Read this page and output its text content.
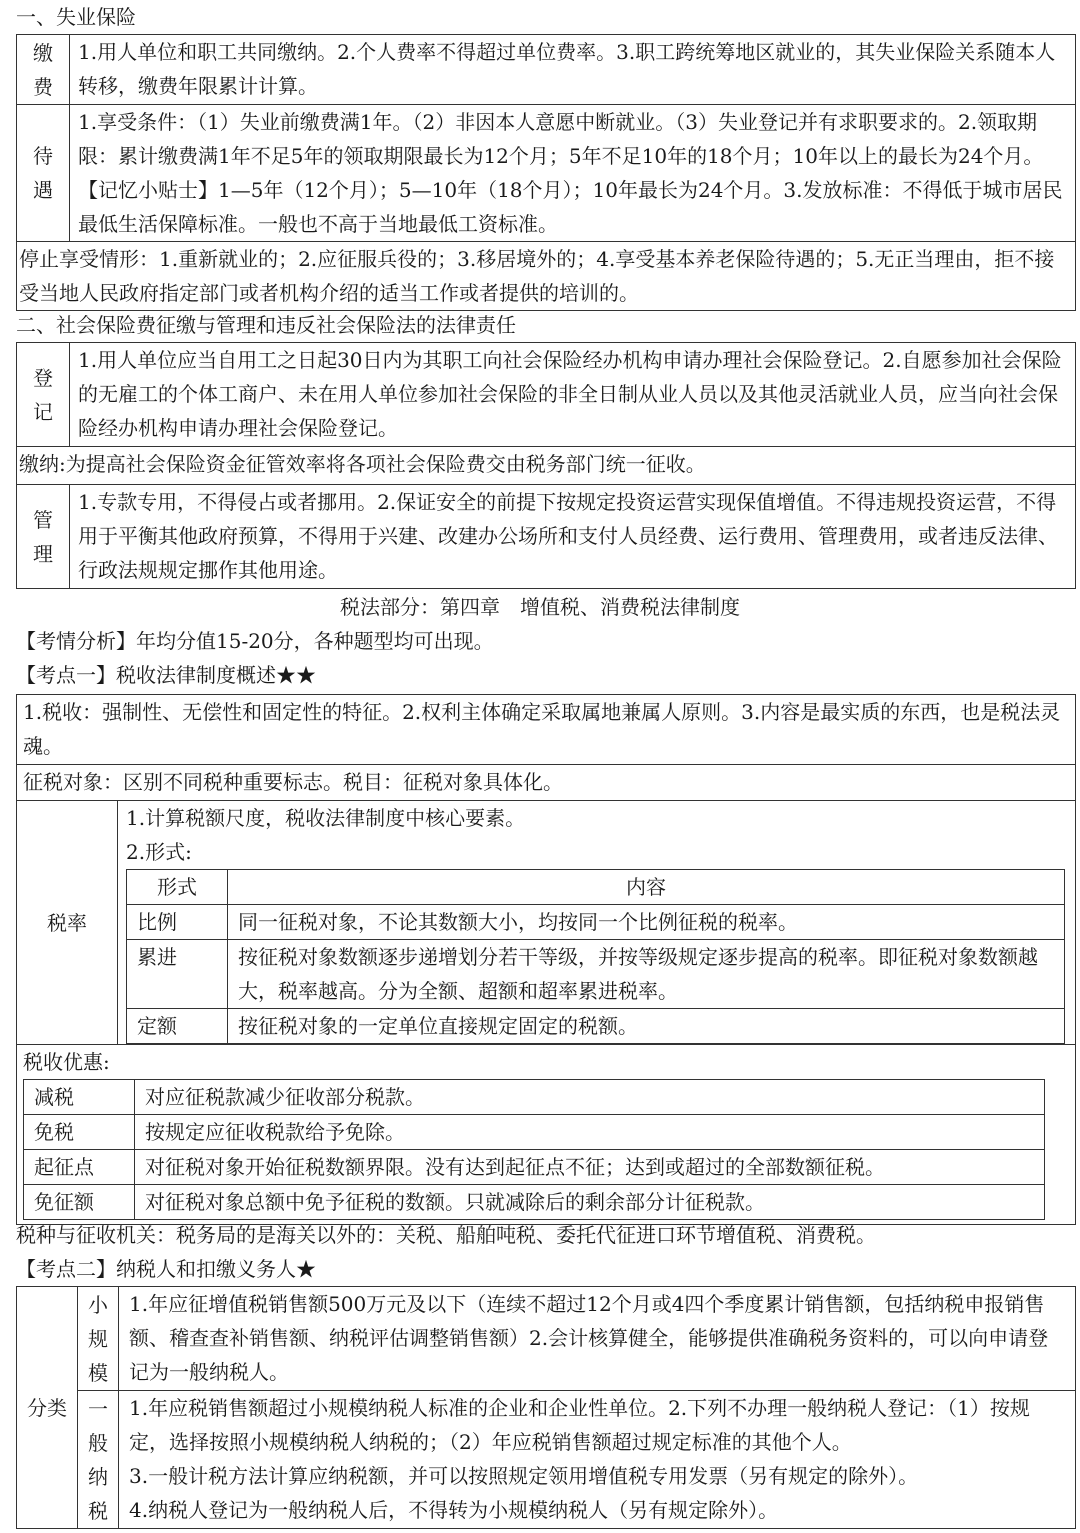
一、失业保险
缴费	1.用人单位和职工共同缴纳。2.个人费率不得超过单位费率。3.职工跨统筹地区就业的，其失业保险关系随本人转移，缴费年限累计计算。
待遇	1.享受条件：（1）失业前缴费满1年。（2）非因本人意愿中断就业。（3）失业登记并有求职要求的。2.领取期限：累计缴费满1年不足5年的领取期限最长为12个月；5年不足10年的18个月；10年以上的最长为24个月。【记忆小贴士】1—5年（12个月）；5—10年（18个月）；10年最长为24个月。3.发放标准：不得低于城市居民最低生活保障标准。一般也不高于当地最低工资标准。
停止享受情形：1.重新就业的；2.应征服兵役的；3.移居境外的；4.享受基本养老保险待遇的；5.无正当理由，拒不接受当地人民政府指定部门或者机构介绍的适当工作或者提供的培训的。	
二、社会保险费征缴与管理和违反社会保险法的法律责任
登记	1.用人单位应当自用工之日起30日内为其职工向社会保险经办机构申请办理社会保险登记。2.自愿参加社会保险的无雇工的个体工商户、未在用人单位参加社会保险的非全日制从业人员以及其他灵活就业人员，应当向社会保险经办机构申请办理社会保险登记。
缴纳:为提高社会保险资金征管效率将各项社会保险费交由税务部门统一征收。	
管理	1.专款专用，不得侵占或者挪用。2.保证安全的前提下按规定投资运营实现保值增值。不得违规投资运营，不得用于平衡其他政府预算，不得用于兴建、改建办公场所和支付人员经费、运行费用、管理费用，或者违反法律、行政法规规定挪作其他用途。
税法部分：第四章　增值税、消费税法律制度
【考情分析】年均分值15-20分，各种题型均可出现。
【考点一】税收法律制度概述★★
1.税收：强制性、无偿性和固定性的特征。2.权利主体确定采取属地兼属人原则。3.内容是最实质的东西，也是税法灵魂。
征税对象：区别不同税种重要标志。税目：征税对象具体化。
税率	
1.计算税额尺度，税收法律制度中核心要素。
2.形式:
形式	内容
比例	同一征税对象，不论其数额大小，均按同一个比例征税的税率。
累进	按征税对象数额逐步递增划分若干等级，并按等级规定逐步提高的税率。即征税对象数额越大，税率越高。分为全额、超额和超率累进税率。
定额	按征税对象的一定单位直接规定固定的税额。

税收优惠:
减税	对应征税款减少征收部分税款。
免税	按规定应征收税款给予免除。
起征点	对征税对象开始征税数额界限。没有达到起征点不征；达到或超过的全部数额征税。
免征额	对征税对象总额中免予征税的数额。只就减除后的剩余部分计征税款。
税种与征收机关：税务局的是海关以外的：关税、船舶吨税、委托代征进口环节增值税、消费税。
【考点二】纳税人和扣缴义务人★
分类	小规模	1.年应征增值税销售额500万元及以下（连续不超过12个月或4四个季度累计销售额，包括纳税申报销售额、稽查查补销售额、纳税评估调整销售额）2.会计核算健全，能够提供准确税务资料的，可以向申请登记为一般纳税人。
	一般纳税	1.年应税销售额超过小规模纳税人标准的企业和企业性单位。2.下列不办理一般纳税人登记：（1）按规定，选择按照小规模纳税人纳税的；（2）年应税销售额超过规定标准的其他个人。
3.一般计税方法计算应纳税额，并可以按照规定领用增值税专用发票（另有规定的除外）。
4.纳税人登记为一般纳税人后，不得转为小规模纳税人（另有规定除外）。
